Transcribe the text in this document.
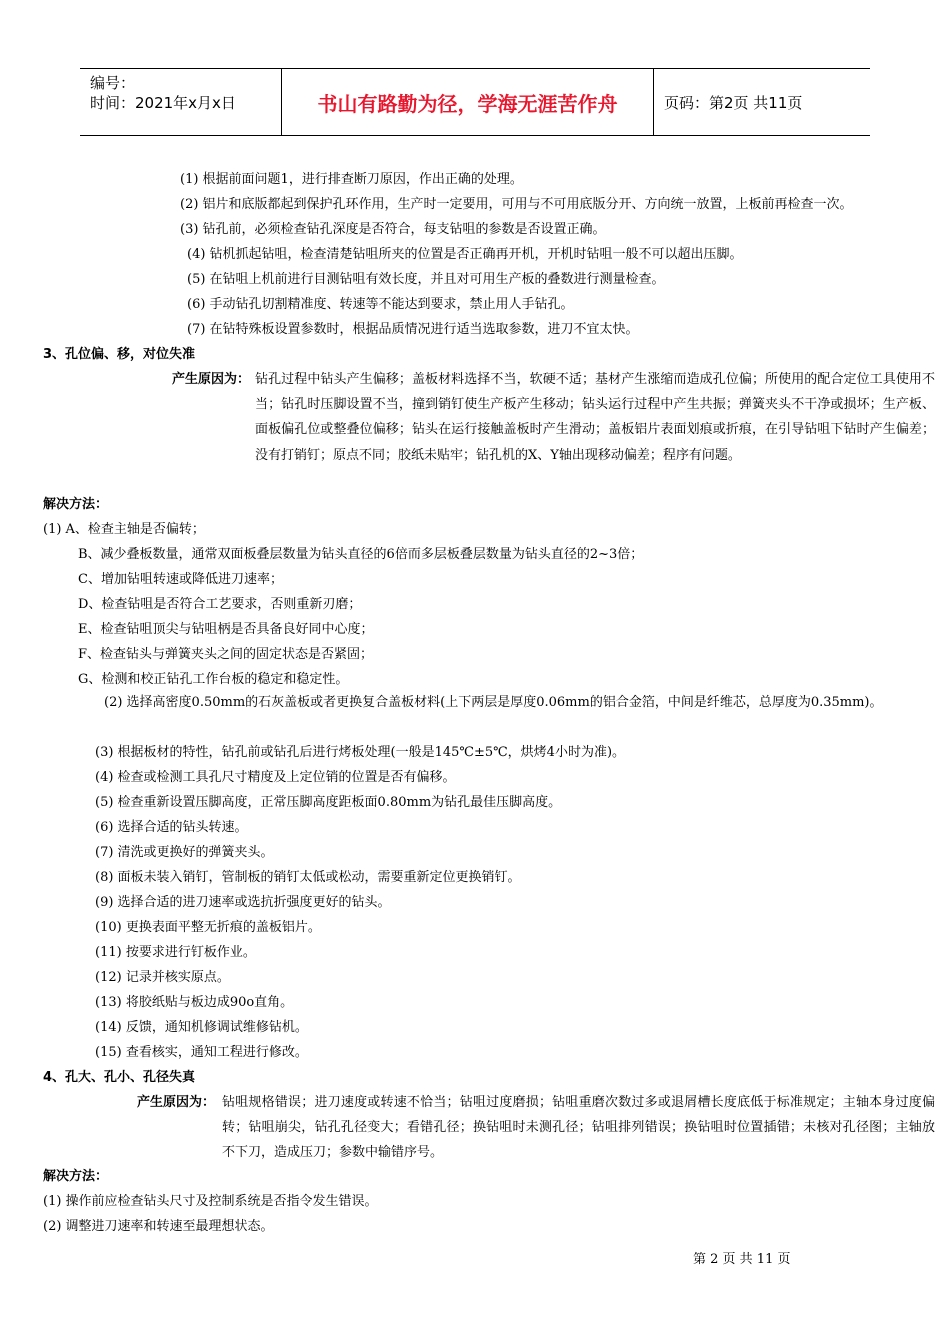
编号：
时间：2021年x月x日	书山有路勤为径，学海无涯苦作舟	页码：第2页 共11页
(1) 根据前面问题1，进行排查断刀原因，作出正确的处理。
(2) 铝片和底版都起到保护孔环作用，生产时一定要用，可用与不可用底版分开、方向统一放置，上板前再检查一次。
(3) 钻孔前，必须检查钻孔深度是否符合，每支钻咀的参数是否设置正确。
(4) 钻机抓起钻咀，检查清楚钻咀所夹的位置是否正确再开机，开机时钻咀一般不可以超出压脚。
(5) 在钻咀上机前进行目测钻咀有效长度，并且对可用生产板的叠数进行测量检查。
(6) 手动钻孔切割精准度、转速等不能达到要求，禁止用人手钻孔。
(7) 在钻特殊板设置参数时，根据品质情况进行适当选取参数，进刀不宜太快。
3、孔位偏、移，对位失准
产生原因为： 钻孔过程中钻头产生偏移；盖板材料选择不当，软硬不适；基材产生涨缩而造成孔位偏；所使用的配合定位工具使用不当；钻孔时压脚设置不当，撞到销钉使生产板产生移动；钻头运行过程中产生共振；弹簧夹头不干净或损坏；生产板、面板偏孔位或整叠位偏移；钻头在运行接触盖板时产生滑动；盖板铝片表面划痕或折痕，在引导钻咀下钻时产生偏差；没有打销钉；原点不同；胶纸未贴牢；钻孔机的X、Y轴出现移动偏差；程序有问题。
解决方法：
(1) A、检查主轴是否偏转；
B、减少叠板数量，通常双面板叠层数量为钻头直径的6倍而多层板叠层数量为钻头直径的2~3倍；
C、增加钻咀转速或降低进刀速率；
D、检查钻咀是否符合工艺要求，否则重新刃磨；
E、检查钻咀顶尖与钻咀柄是否具备良好同中心度；
F、检查钻头与弹簧夹头之间的固定状态是否紧固；
G、检测和校正钻孔工作台板的稳定和稳定性。
(2) 选择高密度0.50mm的石灰盖板或者更换复合盖板材料(上下两层是厚度0.06mm的铝合金箔，中间是纤维芯，总厚度为0.35mm)。
(3) 根据板材的特性，钻孔前或钻孔后进行烤板处理(一般是145℃±5℃，烘烤4小时为准)。
(4) 检查或检测工具孔尺寸精度及上定位销的位置是否有偏移。
(5) 检查重新设置压脚高度，正常压脚高度距板面0.80mm为钻孔最佳压脚高度。
(6) 选择合适的钻头转速。
(7) 清洗或更换好的弹簧夹头。
(8) 面板未装入销钉，管制板的销钉太低或松动，需要重新定位更换销钉。
(9) 选择合适的进刀速率或选抗折强度更好的钻头。
(10) 更换表面平整无折痕的盖板铝片。
(11) 按要求进行钉板作业。
(12) 记录并核实原点。
(13) 将胶纸贴与板边成90o直角。
(14) 反馈，通知机修调试维修钻机。
(15) 查看核实，通知工程进行修改。
4、孔大、孔小、孔径失真
产生原因为： 钻咀规格错误；进刀速度或转速不恰当；钻咀过度磨损；钻咀重磨次数过多或退屑槽长度底低于标准规定；主轴本身过度偏转；钻咀崩尖，钻孔孔径变大；看错孔径；换钻咀时未测孔径；钻咀排列错误；换钻咀时位置插错；未核对孔径图；主轴放不下刀，造成压刀；参数中输错序号。
解决方法：
(1) 操作前应检查钻头尺寸及控制系统是否指令发生错误。
(2) 调整进刀速率和转速至最理想状态。
第 2 页 共 11 页
